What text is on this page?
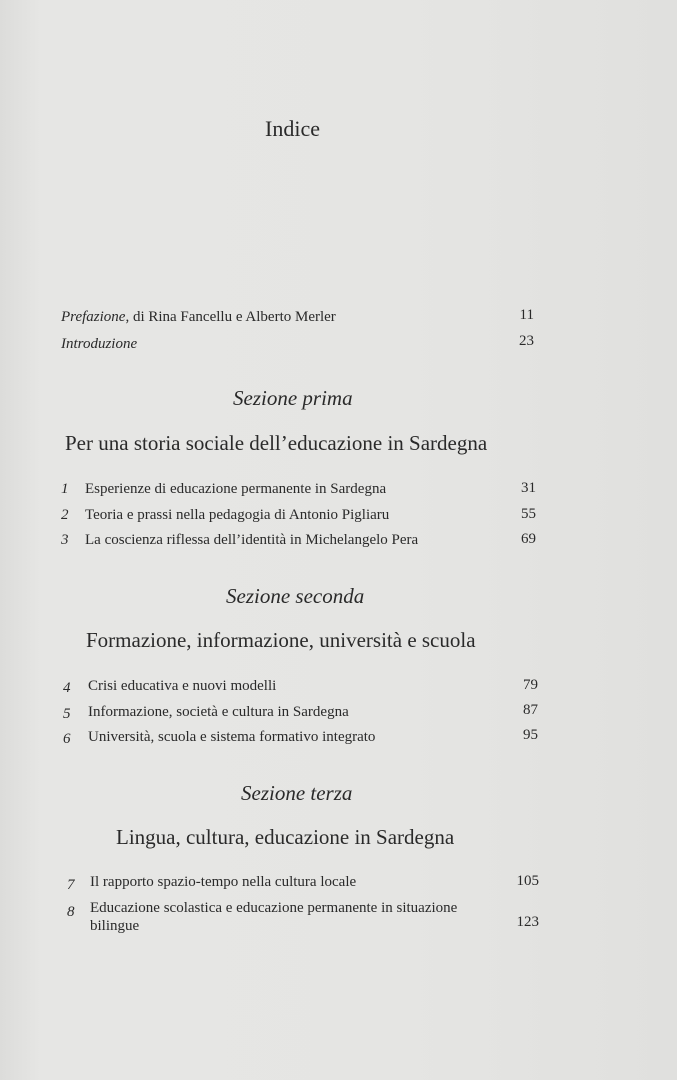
Indice
Prefazione, di Rina Fancellu e Alberto Merler	11
Introduzione	23
Sezione prima
Per una storia sociale dell’educazione in Sardegna
1 Esperienze di educazione permanente in Sardegna	31
2 Teoria e prassi nella pedagogia di Antonio Pigliaru	55
3 La coscienza riflessa dell’identità in Michelangelo Pera	69
Sezione seconda
Formazione, informazione, università e scuola
4 Crisi educativa e nuovi modelli	79
5 Informazione, società e cultura in Sardegna	87
6 Università, scuola e sistema formativo integrato	95
Sezione terza
Lingua, cultura, educazione in Sardegna
7 Il rapporto spazio-tempo nella cultura locale	105
8 Educazione scolastica e educazione permanente in situazione
bilingue	123
